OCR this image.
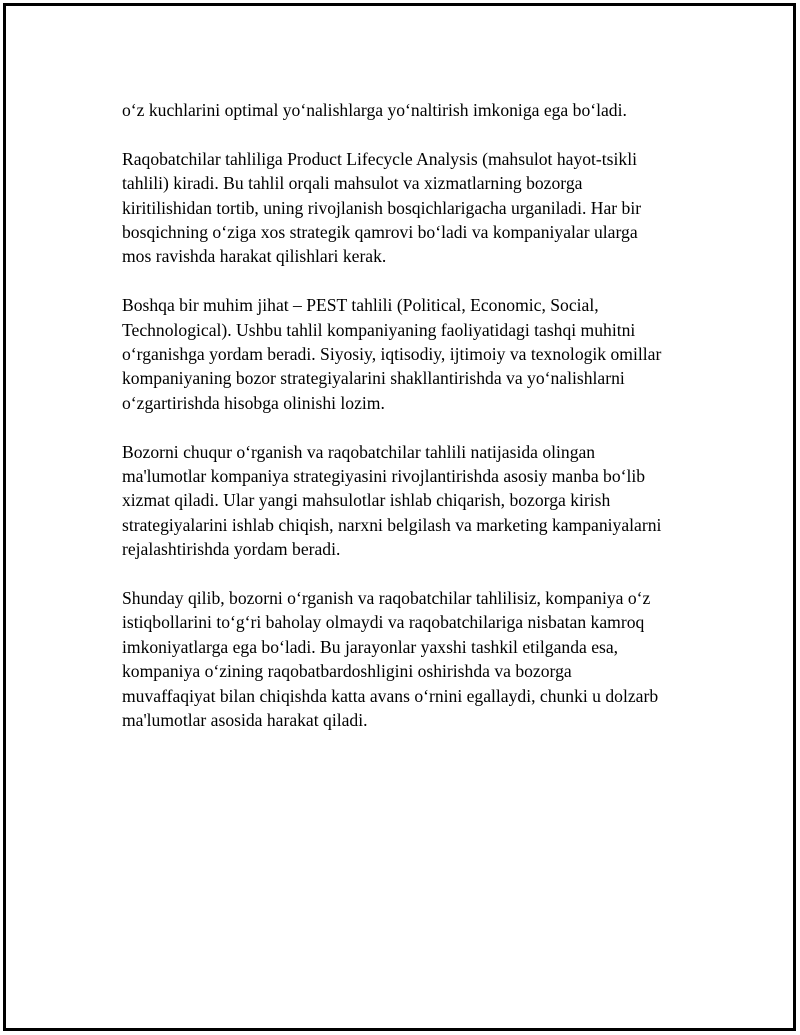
o‘z kuchlarini optimal yo‘nalishlarga yo‘naltirish imkoniga ega bo‘ladi.

Raqobatchilar tahliliga Product Lifecycle Analysis (mahsulot hayot-tsikli
tahlili) kiradi. Bu tahlil orqali mahsulot va xizmatlarning bozorga
kiritilishidan tortib, uning rivojlanish bosqichlarigacha urganiladi. Har bir
bosqichning o‘ziga xos strategik qamrovi bo‘ladi va kompaniyalar ularga
mos ravishda harakat qilishlari kerak.

Boshqa bir muhim jihat – PEST tahlili (Political, Economic, Social,
Technological). Ushbu tahlil kompaniyaning faoliyatidagi tashqi muhitni
o‘rganishga yordam beradi. Siyosiy, iqtisodiy, ijtimoiy va texnologik omillar
kompaniyaning bozor strategiyalarini shakllantirishda va yo‘nalishlarni
o‘zgartirishda hisobga olinishi lozim.

Bozorni chuqur o‘rganish va raqobatchilar tahlili natijasida olingan
ma'lumotlar kompaniya strategiyasini rivojlantirishda asosiy manba bo‘lib
xizmat qiladi. Ular yangi mahsulotlar ishlab chiqarish, bozorga kirish
strategiyalarini ishlab chiqish, narxni belgilash va marketing kampaniyalarni
rejalashtirishda yordam beradi.

Shunday qilib, bozorni o‘rganish va raqobatchilar tahlilisiz, kompaniya o‘z
istiqbollarini to‘g‘ri baholay olmaydi va raqobatchilariga nisbatan kamroq
imkoniyatlarga ega bo‘ladi. Bu jarayonlar yaxshi tashkil etilganda esa,
kompaniya o‘zining raqobatbardoshligini oshirishda va bozorga
muvaffaqiyat bilan chiqishda katta avans o‘rnini egallaydi, chunki u dolzarb
ma'lumotlar asosida harakat qiladi.
